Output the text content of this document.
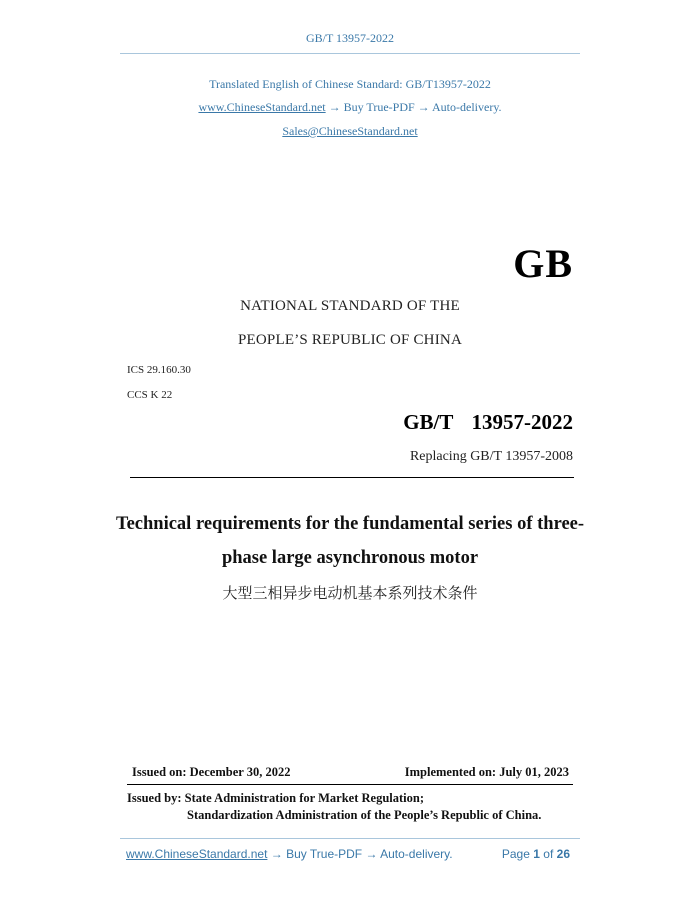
GB/T 13957-2022
Translated English of Chinese Standard: GB/T13957-2022
www.ChineseStandard.net → Buy True-PDF → Auto-delivery.
Sales@ChineseStandard.net
GB
NATIONAL STANDARD OF THE
PEOPLE’S REPUBLIC OF CHINA
ICS 29.160.30
CCS K 22
GB/T  13957-2022
Replacing GB/T 13957-2008
Technical requirements for the fundamental series of three-
phase large asynchronous motor
大型三相异步电动机基本系列技术条件
Issued on: December 30, 2022	Implemented on: July 01, 2023
Issued by: State Administration for Market Regulation;
Standardization Administration of the People’s Republic of China.
www.ChineseStandard.net → Buy True-PDF → Auto-delivery.	Page 1 of 26
